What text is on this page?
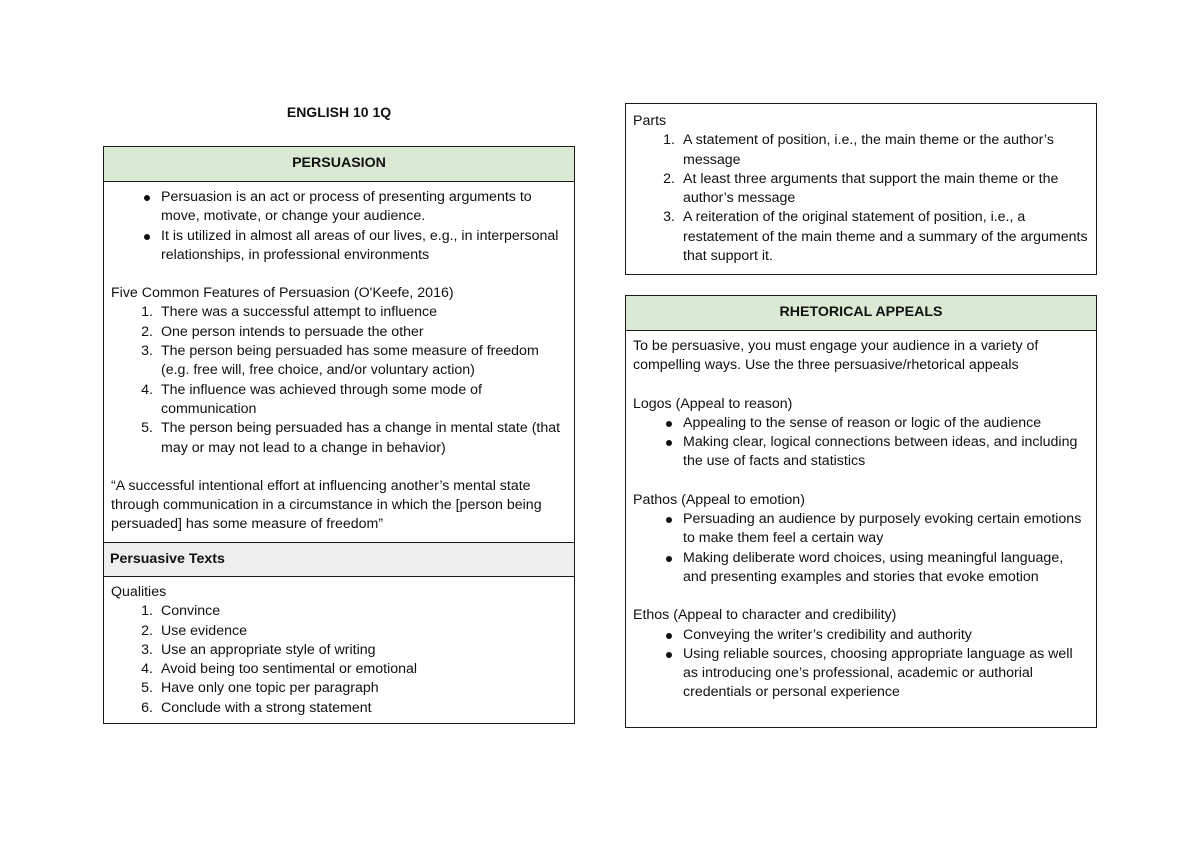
ENGLISH 10 1Q
PERSUASION

Persuasion is an act or process of presenting arguments to move, motivate, or change your audience.
It is utilized in almost all areas of our lives, e.g., in interpersonal relationships, in professional environments

Five Common Features of Persuasion (O'Keefe, 2016)

1. There was a successful attempt to influence
2. One person intends to persuade the other
3. The person being persuaded has some measure of freedom (e.g. free will, free choice, and/or voluntary action)
4. The influence was achieved through some mode of communication
5. The person being persuaded has a change in mental state (that may or may not lead to a change in behavior)

“A successful intentional effort at influencing another’s mental state through communication in a circumstance in which the [person being persuaded] has some measure of freedom”

Persuasive Texts

Qualities

1. Convince
2. Use evidence
3. Use an appropriate style of writing
4. Avoid being too sentimental or emotional
5. Have only one topic per paragraph
6. Conclude with a strong statement

Parts

1. A statement of position, i.e., the main theme or the author’s message
2. At least three arguments that support the main theme or the author’s message
3. A reiteration of the original statement of position, i.e., a restatement of the main theme and a summary of the arguments that support it.
RHETORICAL APPEALS

To be persuasive, you must engage your audience in a variety of compelling ways. Use the three persuasive/rhetorical appeals

Logos (Appeal to reason)

Appealing to the sense of reason or logic of the audience
Making clear, logical connections between ideas, and including the use of facts and statistics

Pathos (Appeal to emotion)

Persuading an audience by purposely evoking certain emotions to make them feel a certain way
Making deliberate word choices, using meaningful language, and presenting examples and stories that evoke emotion

Ethos (Appeal to character and credibility)

Conveying the writer’s credibility and authority
Using reliable sources, choosing appropriate language as well as introducing one’s professional, academic or authorial credentials or personal experience
